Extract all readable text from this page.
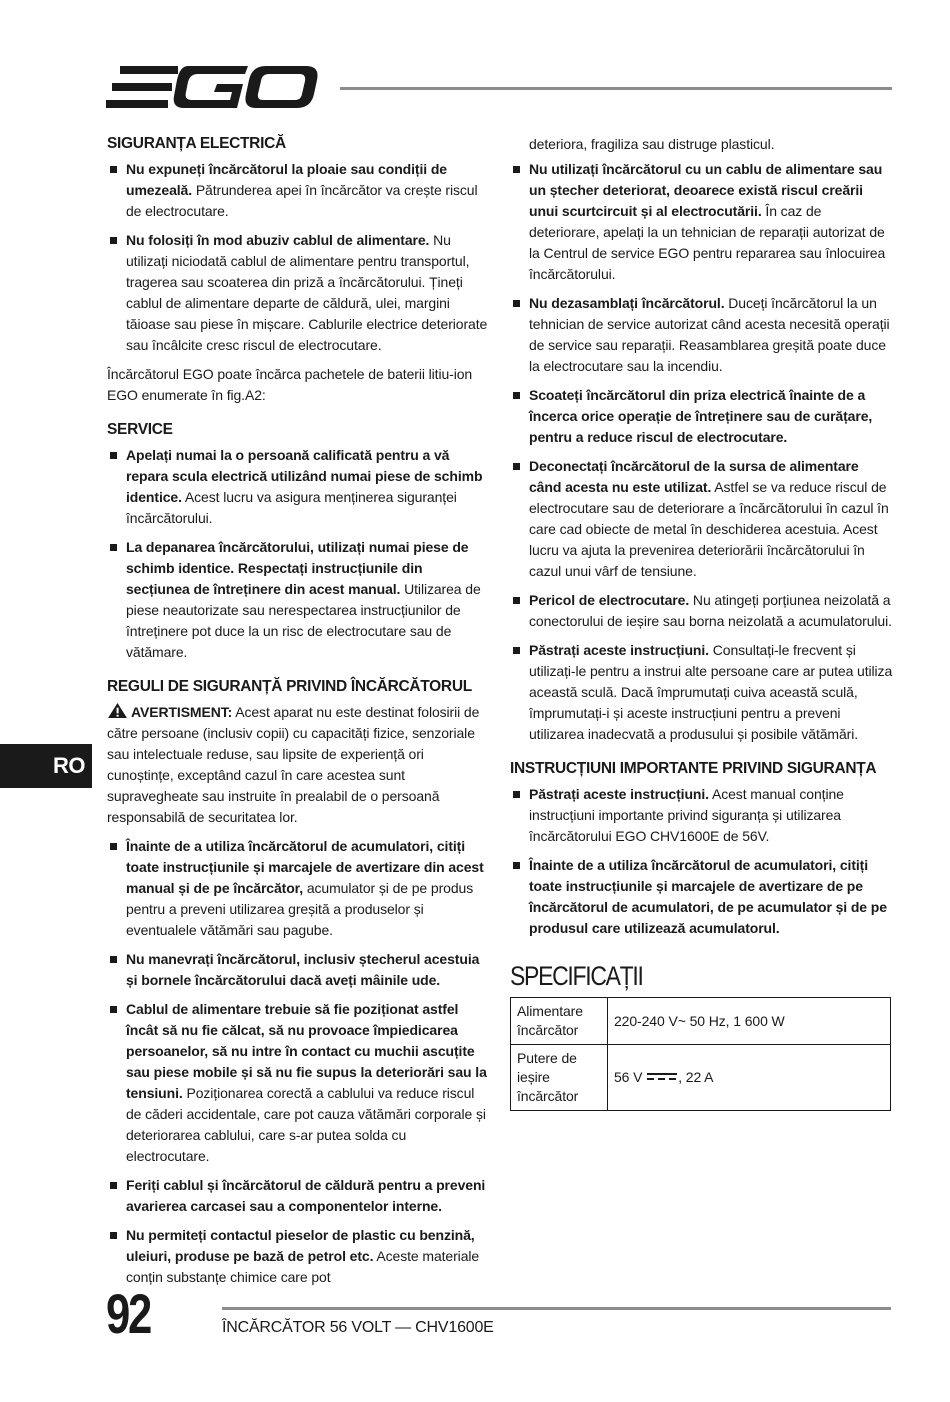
RO
SIGURANȚA ELECTRICĂ
Nu expuneți încărcătorul la ploaie sau condiții de umezeală. Pătrunderea apei în încărcător va crește riscul de electrocutare.
Nu folosiți în mod abuziv cablul de alimentare. Nu utilizați niciodată cablul de alimentare pentru transportul, tragerea sau scoaterea din priză a încărcătorului. Țineți cablul de alimentare departe de căldură, ulei, margini tăioase sau piese în mișcare. Cablurile electrice deteriorate sau încâlcite cresc riscul de electrocutare.

Încărcătorul EGO poate încărca pachetele de baterii litiu-ion EGO enumerate în fig.A2:

SERVICE
Apelați numai la o persoană calificată pentru a vă repara scula electrică utilizând numai piese de schimb identice. Acest lucru va asigura menținerea siguranței încărcătorului.
La depanarea încărcătorului, utilizați numai piese de schimb identice. Respectați instrucțiunile din secțiunea de întreținere din acest manual. Utilizarea de piese neautorizate sau nerespectarea instrucțiunilor de întreținere pot duce la un risc de electrocutare sau de vătămare.
REGULI DE SIGURANȚĂ PRIVIND ÎNCĂRCĂTORUL

AVERTISMENT: Acest aparat nu este destinat folosirii de către persoane (inclusiv copii) cu capacități fizice, senzoriale sau intelectuale reduse, sau lipsite de experiență ori cunoștințe, exceptând cazul în care acestea sunt supravegheate sau instruite în prealabil de o persoană responsabilă de securitatea lor.

Înainte de a utiliza încărcătorul de acumulatori, citiți toate instrucțiunile și marcajele de avertizare din acest manual și de pe încărcător, acumulator și de pe produs pentru a preveni utilizarea greșită a produselor și eventualele vătămări sau pagube.
Nu manevrați încărcătorul, inclusiv ștecherul acestuia și bornele încărcătorului dacă aveți mâinile ude.
Cablul de alimentare trebuie să fie poziționat astfel încât să nu fie călcat, să nu provoace împiedicarea persoanelor, să nu intre în contact cu muchii ascuțite sau piese mobile și să nu fie supus la deteriorări sau la tensiuni. Poziționarea corectă a cablului va reduce riscul de căderi accidentale, care pot cauza vătămări corporale și deteriorarea cablului, care s-ar putea solda cu electrocutare.
Feriți cablul și încărcătorul de căldură pentru a preveni avarierea carcasei sau a componentelor interne.
Nu permiteți contactul pieselor de plastic cu benzină, uleiuri, produse pe bază de petrol etc. Aceste materiale conțin substanțe chimice care pot

deteriora, fragiliza sau distruge plasticul.

Nu utilizați încărcătorul cu un cablu de alimentare sau un ștecher deteriorat, deoarece există riscul creării unui scurtcircuit și al electrocutării. În caz de deteriorare, apelați la un tehnician de reparații autorizat de la Centrul de service EGO pentru repararea sau înlocuirea încărcătorului.
Nu dezasamblați încărcătorul. Duceți încărcătorul la un tehnician de service autorizat când acesta necesită operații de service sau reparații. Reasamblarea greșită poate duce la electrocutare sau la incendiu.
Scoateți încărcătorul din priza electrică înainte de a încerca orice operație de întreținere sau de curățare, pentru a reduce riscul de electrocutare.
Deconectați încărcătorul de la sursa de alimentare când acesta nu este utilizat. Astfel se va reduce riscul de electrocutare sau de deteriorare a încărcătorului în cazul în care cad obiecte de metal în deschiderea acestuia. Acest lucru va ajuta la prevenirea deteriorării încărcătorului în cazul unui vârf de tensiune.
Pericol de electrocutare. Nu atingeți porțiunea neizolată a conectorului de ieșire sau borna neizolată a acumulatorului.
Păstrați aceste instrucțiuni. Consultați-le frecvent și utilizați-le pentru a instrui alte persoane care ar putea utiliza această sculă. Dacă împrumutați cuiva această sculă, împrumutați-i și aceste instrucțiuni pentru a preveni utilizarea inadecvată a produsului și posibile vătămări.
INSTRUCȚIUNI IMPORTANTE PRIVIND SIGURANȚA
Păstrați aceste instrucțiuni. Acest manual conține instrucțiuni importante privind siguranța și utilizarea încărcătorului EGO CHV1600E de 56V.
Înainte de a utiliza încărcătorul de acumulatori, citiți toate instrucțiunile și marcajele de avertizare de pe încărcătorul de acumulatori, de pe acumulator și de pe produsul care utilizează acumulatorul.
SPECIFICAȚII
Alimentare încărcător	220-240 V~ 50 Hz, 1 600 W
Putere de ieșire încărcător	56 V , 22 A
92	ÎNCĂRCĂTOR 56 VOLT — CHV1600E
